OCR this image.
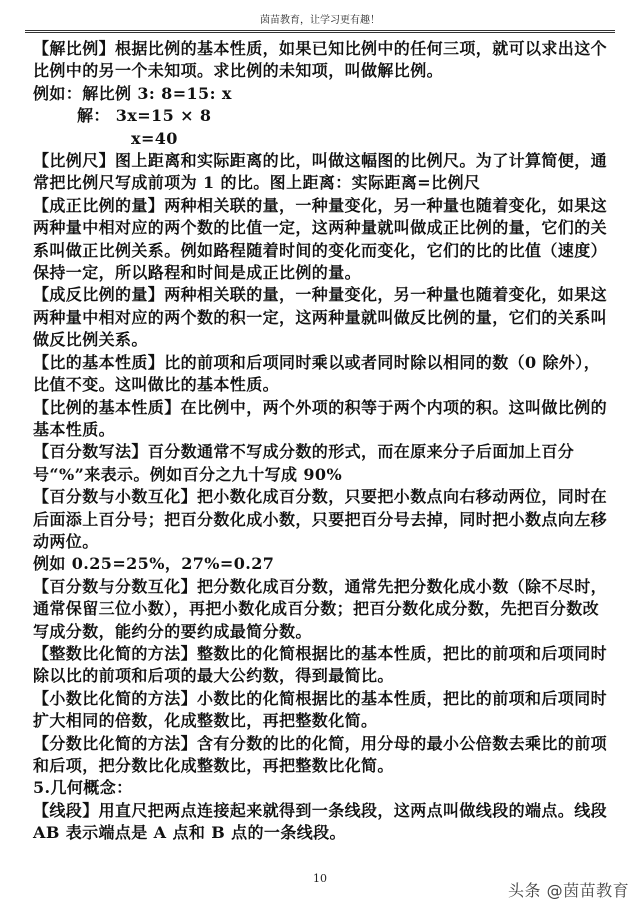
茵苗教育，让学习更有趣！

【解比例】根据比例的基本性质，如果已知比例中的任何三项，就可以求出这个比例中的另一个未知项。求比例的未知项，叫做解比例。

例如：解比例 3: 8=15: x

解： 3x=15 × 8

x=40

【比例尺】图上距离和实际距离的比，叫做这幅图的比例尺。为了计算简便，通常把比例尺写成前项为 1 的比。图上距离：实际距离=比例尺

【成正比例的量】两种相关联的量，一种量变化，另一种量也随着变化，如果这两种量中相对应的两个数的比值一定，这两种量就叫做成正比例的量，它们的关系叫做正比例关系。例如路程随着时间的变化而变化，它们的比的比值（速度）保持一定，所以路程和时间是成正比例的量。

【成反比例的量】两种相关联的量，一种量变化，另一种量也随着变化，如果这两种量中相对应的两个数的积一定，这两种量就叫做反比例的量，它们的关系叫做反比例关系。

【比的基本性质】比的前项和后项同时乘以或者同时除以相同的数（0 除外），比值不变。这叫做比的基本性质。

【比例的基本性质】在比例中，两个外项的积等于两个内项的积。这叫做比例的基本性质。

【百分数写法】百分数通常不写成分数的形式，而在原来分子后面加上百分号“%”来表示。例如百分之九十写成 90%

【百分数与小数互化】把小数化成百分数，只要把小数点向右移动两位，同时在后面添上百分号；把百分数化成小数，只要把百分号去掉，同时把小数点向左移动两位。

例如 0.25=25%，27%=0.27

【百分数与分数互化】把分数化成百分数，通常先把分数化成小数（除不尽时，通常保留三位小数），再把小数化成百分数；把百分数化成分数，先把百分数改写成分数，能约分的要约成最简分数。

【整数比化简的方法】整数比的化简根据比的基本性质，把比的前项和后项同时除以比的前项和后项的最大公约数，得到最简比。

【小数比化简的方法】小数比的化简根据比的基本性质，把比的前项和后项同时扩大相同的倍数，化成整数比，再把整数化简。

【分数比化简的方法】含有分数的比的化简，用分母的最小公倍数去乘比的前项和后项，把分数比化成整数比，再把整数比化简。

5.几何概念：

【线段】用直尺把两点连接起来就得到一条线段，这两点叫做线段的端点。线段 AB 表示端点是 A 点和 B 点的一条线段。

10
头条 @茵苗教育
